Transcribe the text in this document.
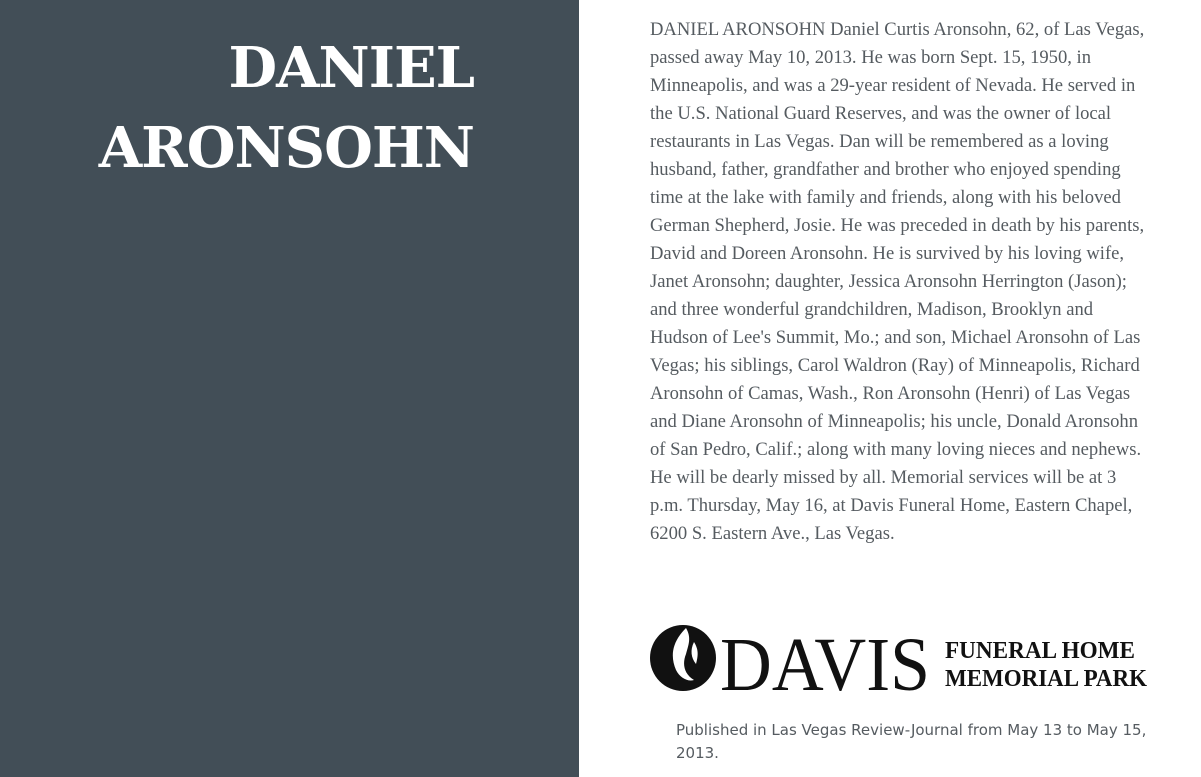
DANIEL
ARONSOHN

DANIEL ARONSOHN Daniel Curtis Aronsohn, 62, of Las Vegas, passed away May 10, 2013. He was born Sept. 15, 1950, in Minneapolis, and was a 29-year resident of Nevada. He served in the U.S. National Guard Reserves, and was the owner of local restaurants in Las Vegas. Dan will be remembered as a loving husband, father, grandfather and brother who enjoyed spending time at the lake with family and friends, along with his beloved German Shepherd, Josie. He was preceded in death by his parents, David and Doreen Aronsohn. He is survived by his loving wife, Janet Aronsohn; daughter, Jessica Aronsohn Herrington (Jason); and three wonderful grandchildren, Madison, Brooklyn and Hudson of Lee's Summit, Mo.; and son, Michael Aronsohn of Las Vegas; his siblings, Carol Waldron (Ray) of Minneapolis, Richard Aronsohn of Camas, Wash., Ron Aronsohn (Henri) of Las Vegas and Diane Aronsohn of Minneapolis; his uncle, Donald Aronsohn of San Pedro, Calif.; along with many loving nieces and nephews. He will be dearly missed by all. Memorial services will be at 3 p.m. Thursday, May 16, at Davis Funeral Home, Eastern Chapel, 6200 S. Eastern Ave., Las Vegas.

DAVIS FUNERAL HOME
MEMORIAL PARK

Published in Las Vegas Review-Journal from May 13 to May 15, 2013.
